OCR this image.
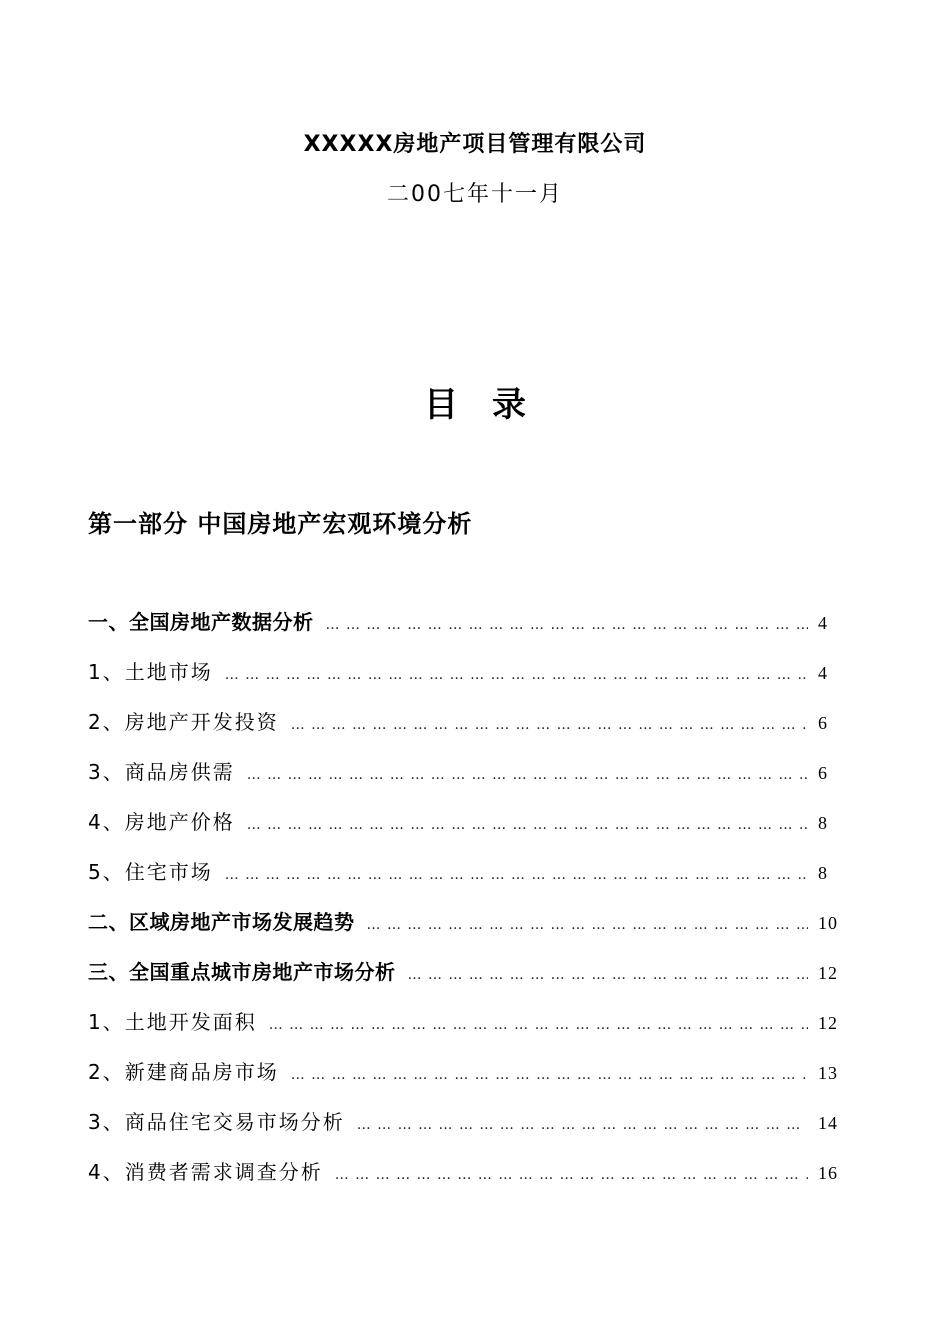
XXXXX房地产项目管理有限公司
二00七年十一月
目录
第一部分 中国房地产宏观环境分析
一、全国房地产数据分析 … … … … … … … … … … … … … … … … … … … … … … … … … … … … … … … … … … … … … … … … … … … … …	4
1、土地市场 … … … … … … … … … … … … … … … … … … … … … … … … … … … … … … … … … … … … … … … … … … … … …	4
2、房地产开发投资 … … … … … … … … … … … … … … … … … … … … … … … … … … … … … … … … … … … … … … … … … … … … …	6
3、商品房供需 … … … … … … … … … … … … … … … … … … … … … … … … … … … … … … … … … … … … … … … … … … … … …	6
4、房地产价格 … … … … … … … … … … … … … … … … … … … … … … … … … … … … … … … … … … … … … … … … … … … … …	8
5、住宅市场 … … … … … … … … … … … … … … … … … … … … … … … … … … … … … … … … … … … … … … … … … … … … …	8
二、区域房地产市场发展趋势 … … … … … … … … … … … … … … … … … … … … … … … … … … … … … … … … … … … … … … … … … … … … …	10
三、全国重点城市房地产市场分析 … … … … … … … … … … … … … … … … … … … … … … … … … … … … … … … … … … … … … … … … … … … … …	12
1、土地开发面积 … … … … … … … … … … … … … … … … … … … … … … … … … … … … … … … … … … … … … … … … … … … … …	12
2、新建商品房市场 … … … … … … … … … … … … … … … … … … … … … … … … … … … … … … … … … … … … … … … … … … … … …	13
3、商品住宅交易市场分析 … … … … … … … … … … … … … … … … … … … … … … … … … … … … … … … … … … … … … … … … … … … … …	14
4、消费者需求调查分析 … … … … … … … … … … … … … … … … … … … … … … … … … … … … … … … … … … … … … … … … … … … … …	16
